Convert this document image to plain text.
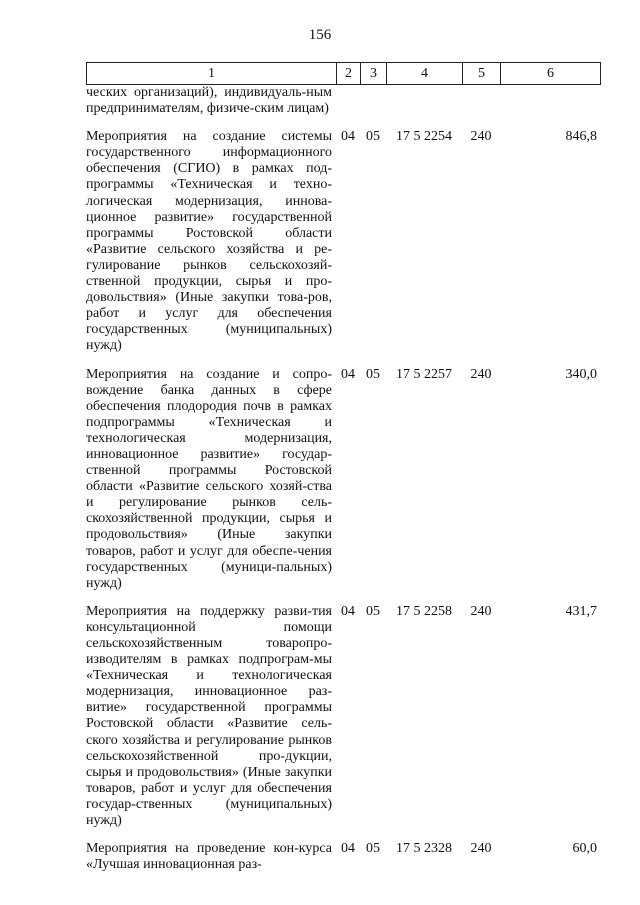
156
1	2	3	4	5	6
ческих организаций), индивидуаль-ным предпринимателям, физиче-ским лицам)					

Мероприятия на создание системы государственного информационного обеспечения (СГИО) в рамках под-программы «Техническая и техно-логическая модернизация, иннова-ционное развитие» государственной программы Ростовской области «Развитие сельского хозяйства и ре-гулирование рынков сельскохозяй-ственной продукции, сырья и про-довольствия» (Иные закупки това-ров, работ и услуг для обеспечения государственных (муниципальных) нужд)	04	05	17 5 2254	240	846,8

Мероприятия на создание и сопро-вождение банка данных в сфере обеспечения плодородия почв в рамках подпрограммы «Техническая и технологическая модернизация, инновационное развитие» государ-ственной программы Ростовской области «Развитие сельского хозяй-ства и регулирование рынков сель-скохозяйственной продукции, сырья и продовольствия» (Иные закупки товаров, работ и услуг для обеспе-чения государственных (муници-пальных) нужд)	04	05	17 5 2257	240	340,0

Мероприятия на поддержку разви-тия консультационной помощи сельскохозяйственным товаропро-изводителям в рамках подпрограм-мы «Техническая и технологическая модернизация, инновационное раз-витие» государственной программы Ростовской области «Развитие сель-ского хозяйства и регулирование рынков сельскохозяйственной про-дукции, сырья и продовольствия» (Иные закупки товаров, работ и услуг для обеспечения государ-ственных (муниципальных) нужд)	04	05	17 5 2258	240	431,7

Мероприятия на проведение кон-курса «Лучшая инновационная раз-	04	05	17 5 2328	240	60,0
